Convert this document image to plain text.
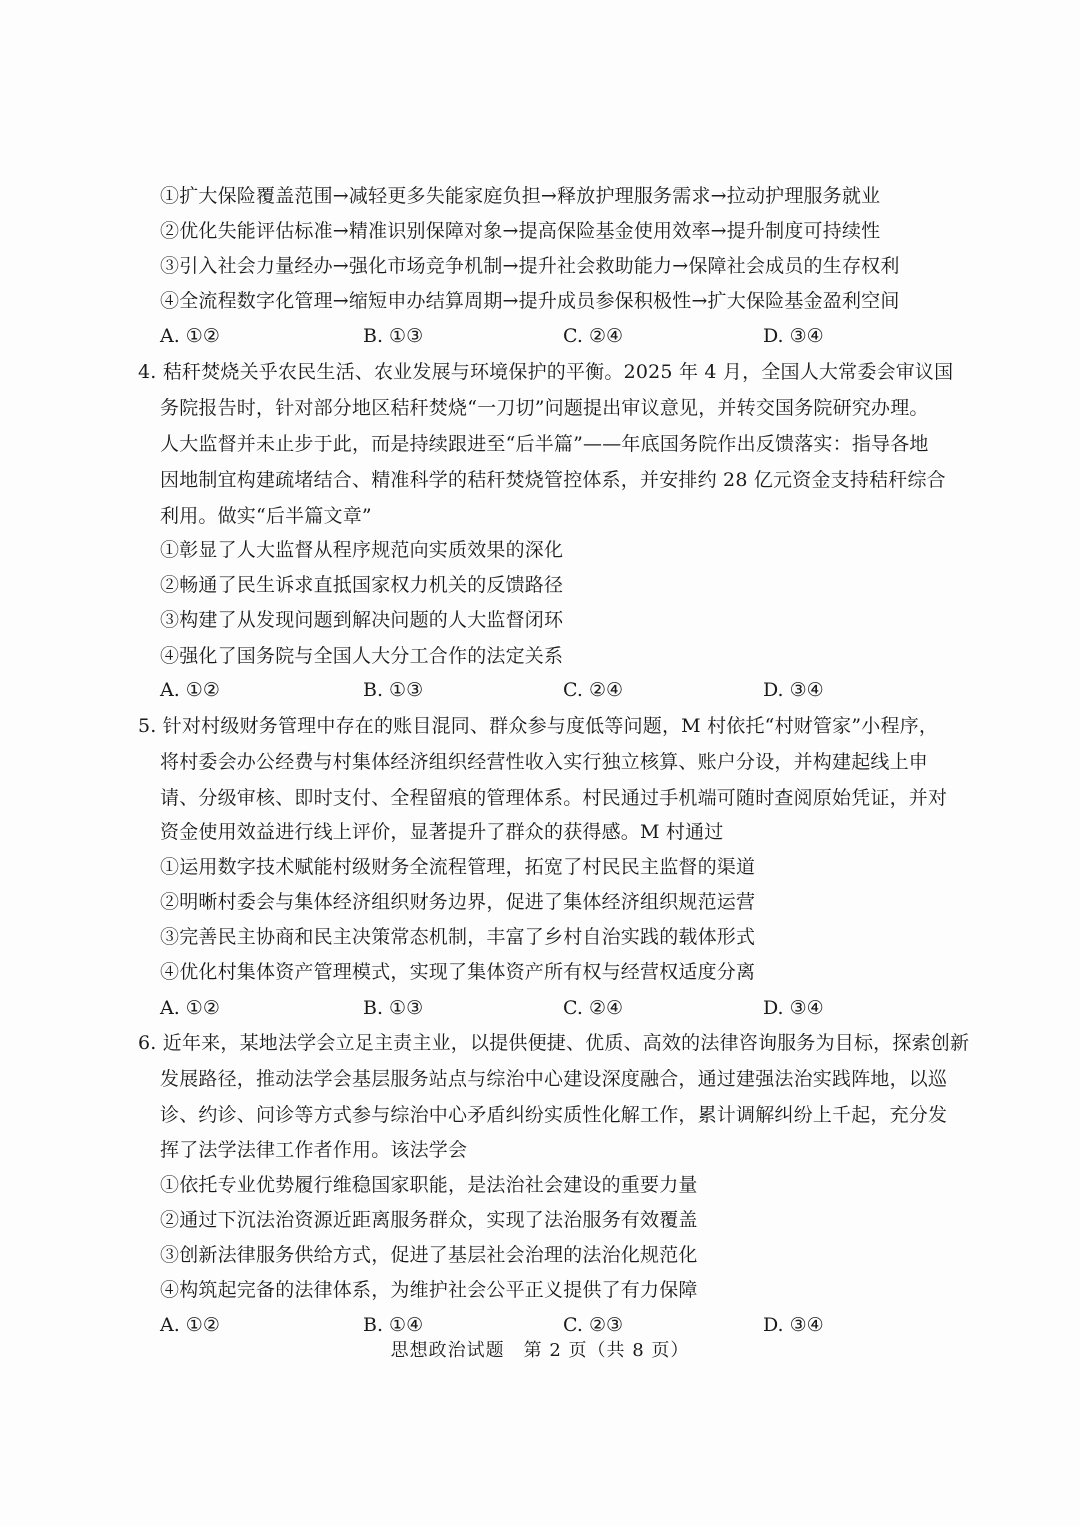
①扩大保险覆盖范围→减轻更多失能家庭负担→释放护理服务需求→拉动护理服务就业
②优化失能评估标准→精准识别保障对象→提高保险基金使用效率→提升制度可持续性
③引入社会力量经办→强化市场竞争机制→提升社会救助能力→保障社会成员的生存权利
④全流程数字化管理→缩短申办结算周期→提升成员参保积极性→扩大保险基金盈利空间
A. ①②	B. ①③	C. ②④	D. ③④
4. 秸秆焚烧关乎农民生活、农业发展与环境保护的平衡。2025 年 4 月，全国人大常委会审议国
务院报告时，针对部分地区秸秆焚烧“一刀切”问题提出审议意见，并转交国务院研究办理。
人大监督并未止步于此，而是持续跟进至“后半篇”——年底国务院作出反馈落实：指导各地
因地制宜构建疏堵结合、精准科学的秸秆焚烧管控体系，并安排约 28 亿元资金支持秸秆综合
利用。做实“后半篇文章”
①彰显了人大监督从程序规范向实质效果的深化
②畅通了民生诉求直抵国家权力机关的反馈路径
③构建了从发现问题到解决问题的人大监督闭环
④强化了国务院与全国人大分工合作的法定关系
A. ①②	B. ①③	C. ②④	D. ③④
5. 针对村级财务管理中存在的账目混同、群众参与度低等问题，M 村依托“村财管家”小程序，
将村委会办公经费与村集体经济组织经营性收入实行独立核算、账户分设，并构建起线上申
请、分级审核、即时支付、全程留痕的管理体系。村民通过手机端可随时查阅原始凭证，并对
资金使用效益进行线上评价，显著提升了群众的获得感。M 村通过
①运用数字技术赋能村级财务全流程管理，拓宽了村民民主监督的渠道
②明晰村委会与集体经济组织财务边界，促进了集体经济组织规范运营
③完善民主协商和民主决策常态机制，丰富了乡村自治实践的载体形式
④优化村集体资产管理模式，实现了集体资产所有权与经营权适度分离
A. ①②	B. ①③	C. ②④	D. ③④
6. 近年来，某地法学会立足主责主业，以提供便捷、优质、高效的法律咨询服务为目标，探索创新
发展路径，推动法学会基层服务站点与综治中心建设深度融合，通过建强法治实践阵地，以巡
诊、约诊、问诊等方式参与综治中心矛盾纠纷实质性化解工作，累计调解纠纷上千起，充分发
挥了法学法律工作者作用。该法学会
①依托专业优势履行维稳国家职能，是法治社会建设的重要力量
②通过下沉法治资源近距离服务群众，实现了法治服务有效覆盖
③创新法律服务供给方式，促进了基层社会治理的法治化规范化
④构筑起完备的法律体系，为维护社会公平正义提供了有力保障
A. ①②	B. ①④	C. ②③	D. ③④
思想政治试题　第 2 页（共 8 页）
